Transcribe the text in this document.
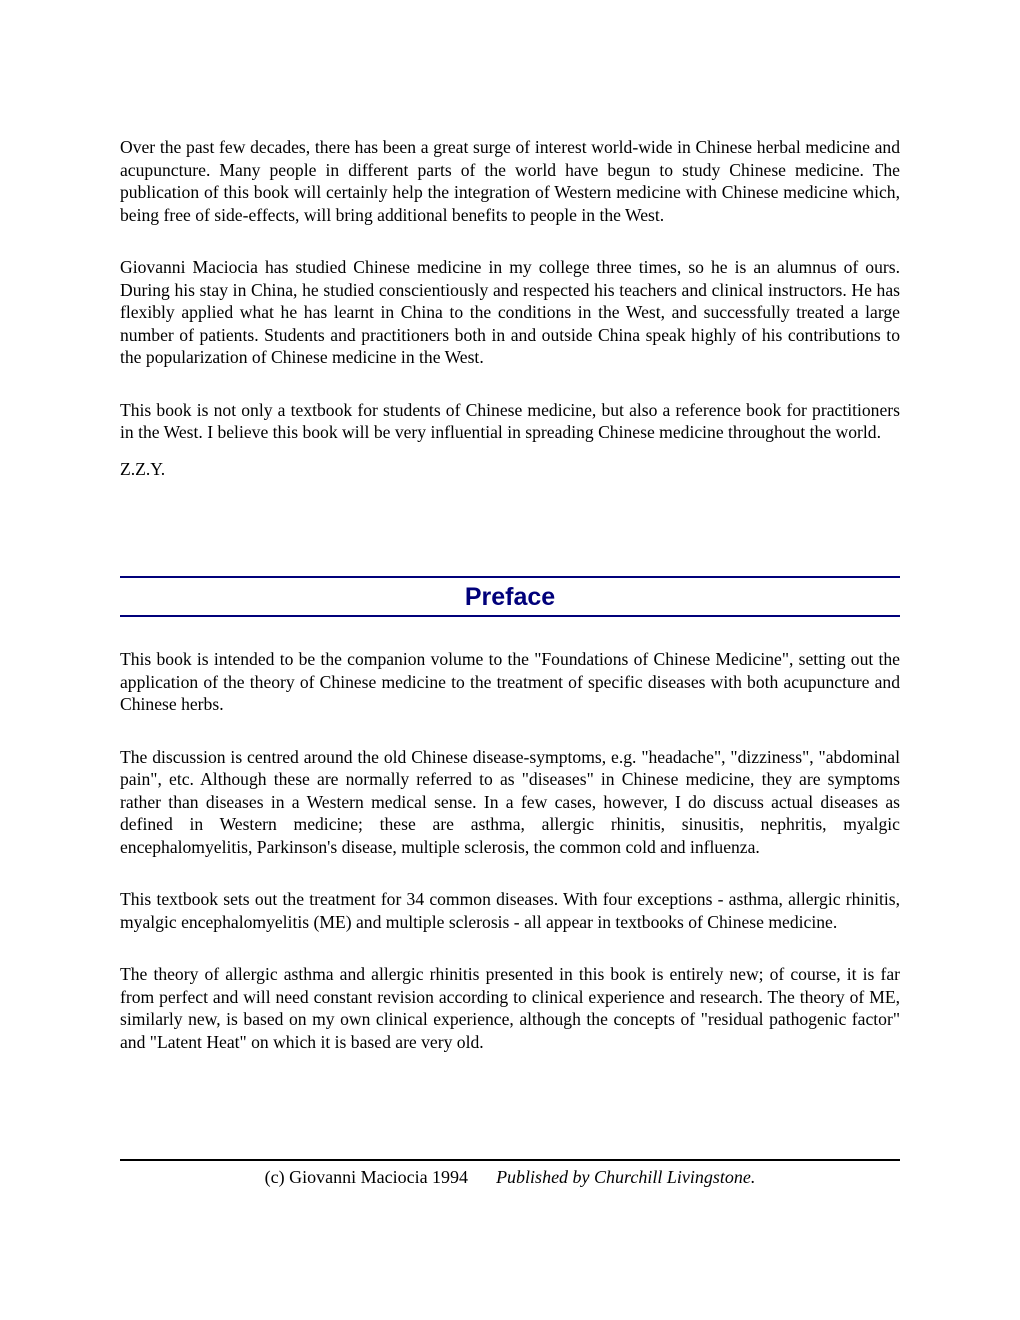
Over the past few decades, there has been a great surge of interest world-wide in Chinese herbal medicine and acupuncture. Many people in different parts of the world have begun to study Chinese medicine. The publication of this book will certainly help the integration of Western medicine with Chinese medicine which, being free of side-effects, will bring additional benefits to people in the West.

Giovanni Maciocia has studied Chinese medicine in my college three times, so he is an alumnus of ours. During his stay in China, he studied conscientiously and respected his teachers and clinical instructors. He has flexibly applied what he has learnt in China to the conditions in the West, and successfully treated a large number of patients. Students and practitioners both in and outside China speak highly of his contributions to the popularization of Chinese medicine in the West.

This book is not only a textbook for students of Chinese medicine, but also a reference book for practitioners in the West. I believe this book will be very influential in spreading Chinese medicine throughout the world.

Z.Z.Y.

Preface

This book is intended to be the companion volume to the "Foundations of Chinese Medicine", setting out the application of the theory of Chinese medicine to the treatment of specific diseases with both acupuncture and Chinese herbs.

The discussion is centred around the old Chinese disease-symptoms, e.g. "headache", "dizziness", "abdominal pain", etc. Although these are normally referred to as "diseases" in Chinese medicine, they are symptoms rather than diseases in a Western medical sense. In a few cases, however, I do discuss actual diseases as defined in Western medicine; these are asthma, allergic rhinitis, sinusitis, nephritis, myalgic encephalomyelitis, Parkinson's disease, multiple sclerosis, the common cold and influenza.

This textbook sets out the treatment for 34 common diseases. With four exceptions - asthma, allergic rhinitis, myalgic encephalomyelitis (ME) and multiple sclerosis - all appear in textbooks of Chinese medicine.

The theory of allergic asthma and allergic rhinitis presented in this book is entirely new; of course, it is far from perfect and will need constant revision according to clinical experience and research. The theory of ME, similarly new, is based on my own clinical experience, although the concepts of "residual pathogenic factor" and "Latent Heat" on which it is based are very old.

(c) Giovanni Maciocia 1994 Published by Churchill Livingstone.
